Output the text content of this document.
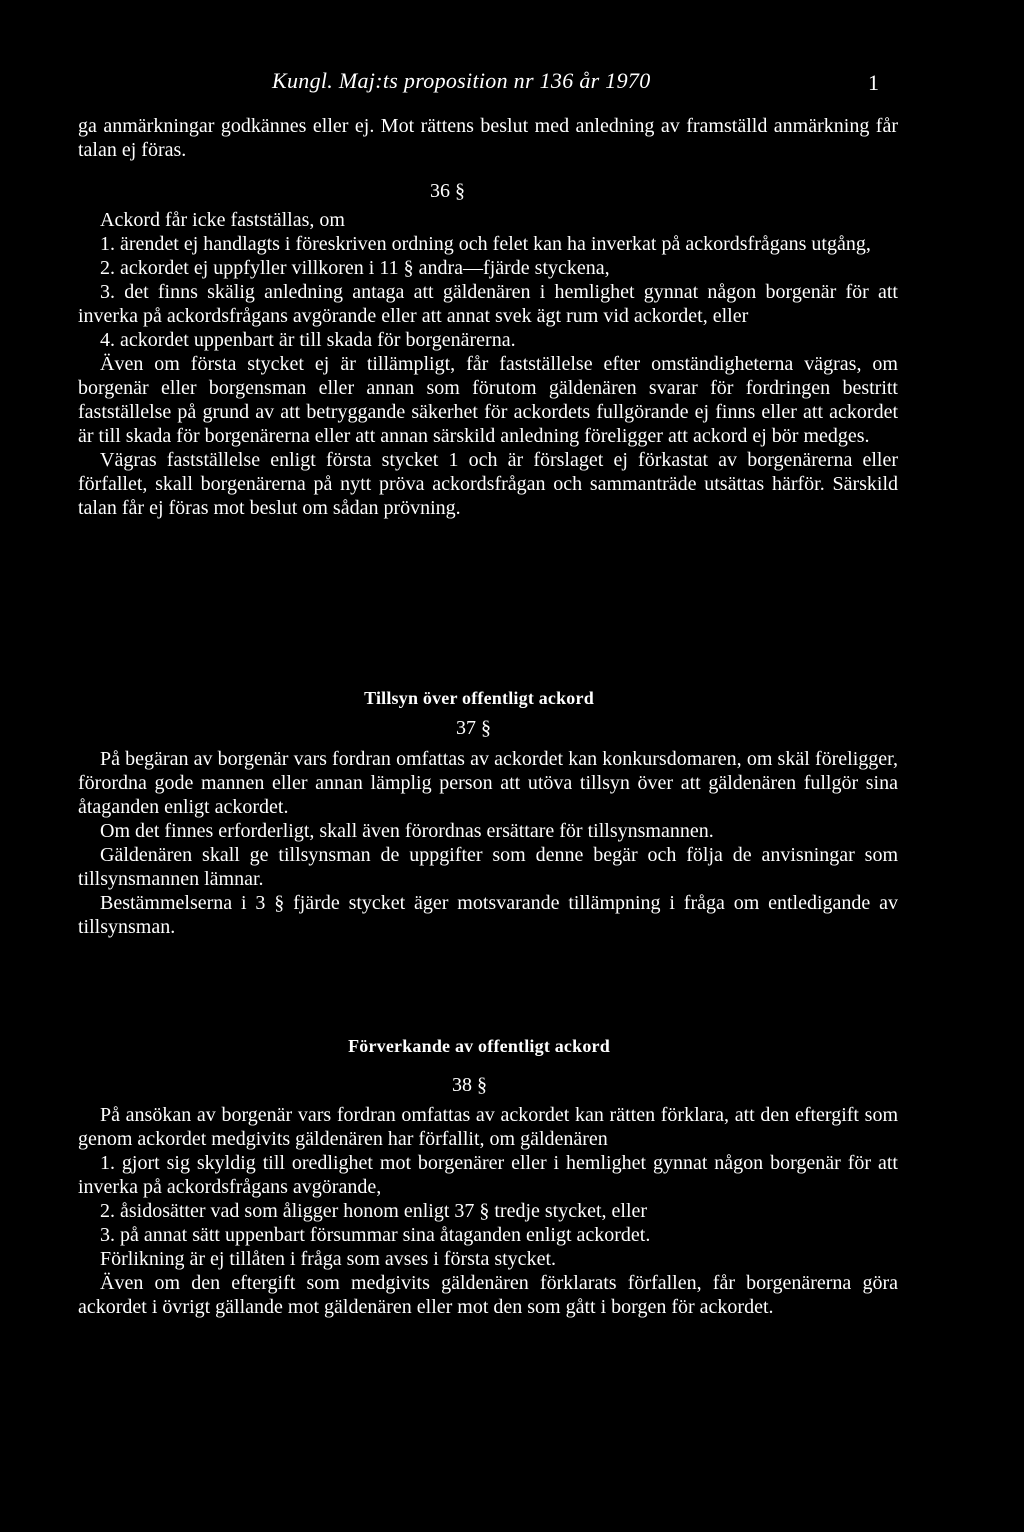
Kungl. Maj:ts proposition nr 136 år 1970	1

ga anmärkningar godkännes eller ej. Mot rättens beslut med anledning av framställd anmärkning får talan ej föras.

36 §

Ackord får icke fastställas, om

1. ärendet ej handlagts i föreskriven ordning och felet kan ha inverkat på ackordsfrågans utgång,

2. ackordet ej uppfyller villkoren i 11 § andra—fjärde styckena,

3. det finns skälig anledning antaga att gäldenären i hemlighet gynnat någon borgenär för att inverka på ackordsfrågans avgörande eller att annat svek ägt rum vid ackordet, eller

4. ackordet uppenbart är till skada för borgenärerna.

Även om första stycket ej är tillämpligt, får fastställelse efter omständigheterna vägras, om borgenär eller borgensman eller annan som förutom gäldenären svarar för fordringen bestritt fastställelse på grund av att betryggande säkerhet för ackordets fullgörande ej finns eller att ackordet är till skada för borgenärerna eller att annan särskild anledning föreligger att ackord ej bör medges.

Vägras fastställelse enligt första stycket 1 och är förslaget ej förkastat av borgenärerna eller förfallet, skall borgenärerna på nytt pröva ackordsfrågan och sammanträde utsättas härför. Särskild talan får ej föras mot beslut om sådan prövning.

Tillsyn över offentligt ackord
37 §

På begäran av borgenär vars fordran omfattas av ackordet kan konkursdomaren, om skäl föreligger, förordna gode mannen eller annan lämplig person att utöva tillsyn över att gäldenären fullgör sina åtaganden enligt ackordet.

Om det finnes erforderligt, skall även förordnas ersättare för tillsynsmannen.

Gäldenären skall ge tillsynsman de uppgifter som denne begär och följa de anvisningar som tillsynsmannen lämnar.

Bestämmelserna i 3 § fjärde stycket äger motsvarande tillämpning i fråga om entledigande av tillsynsman.

Förverkande av offentligt ackord
38 §

På ansökan av borgenär vars fordran omfattas av ackordet kan rätten förklara, att den eftergift som genom ackordet medgivits gäldenären har förfallit, om gäldenären

1. gjort sig skyldig till oredlighet mot borgenärer eller i hemlighet gynnat någon borgenär för att inverka på ackordsfrågans avgörande,

2. åsidosätter vad som åligger honom enligt 37 § tredje stycket, eller

3. på annat sätt uppenbart försummar sina åtaganden enligt ackordet.

Förlikning är ej tillåten i fråga som avses i första stycket.

Även om den eftergift som medgivits gäldenären förklarats förfallen, får borgenärerna göra ackordet i övrigt gällande mot gäldenären eller mot den som gått i borgen för ackordet.
